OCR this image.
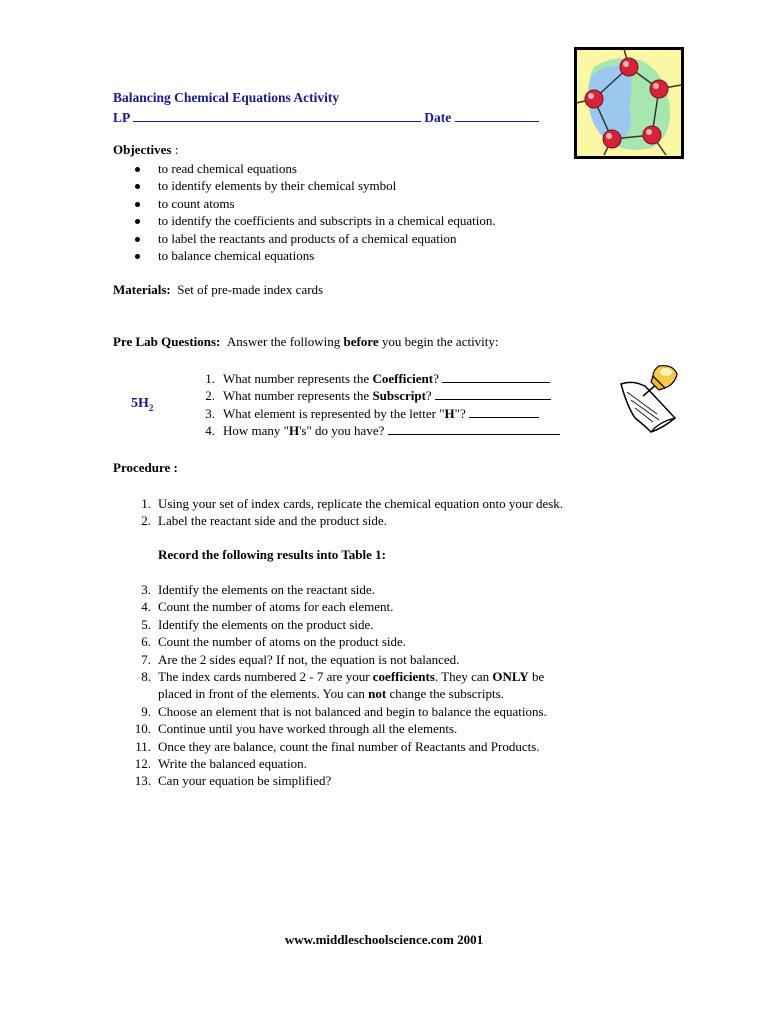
Balancing Chemical Equations Activity
LP	Date
Objectives :
to read chemical equations
to identify elements by their chemical symbol
to count atoms
to identify the coefficients and subscripts in a chemical equation.
to label the reactants and products of a chemical equation
to balance chemical equations
Materials: Set of pre-made index cards
Pre Lab Questions: Answer the following before you begin the activity:
$5H_2$
1. What number represents the Coefficient?
2. What number represents the Subscript?
3. What element is represented by the letter "H"?
4. How many "H's" do you have?
Procedure :
1. Using your set of index cards, replicate the chemical equation onto your desk.
2. Label the reactant side and the product side.
Record the following results into Table 1:
3. Identify the elements on the reactant side.
4. Count the number of atoms for each element.
5. Identify the elements on the product side.
6. Count the number of atoms on the product side.
7. Are the 2 sides equal? If not, the equation is not balanced.
8. The index cards numbered 2 - 7 are your coefficients. They can ONLY be
placed in front of the elements. You can not change the subscripts.
9. Choose an element that is not balanced and begin to balance the equations.
10. Continue until you have worked through all the elements.
11. Once they are balance, count the final number of Reactants and Products.
12. Write the balanced equation.
13. Can your equation be simplified?
www.middleschoolscience.com 2001
